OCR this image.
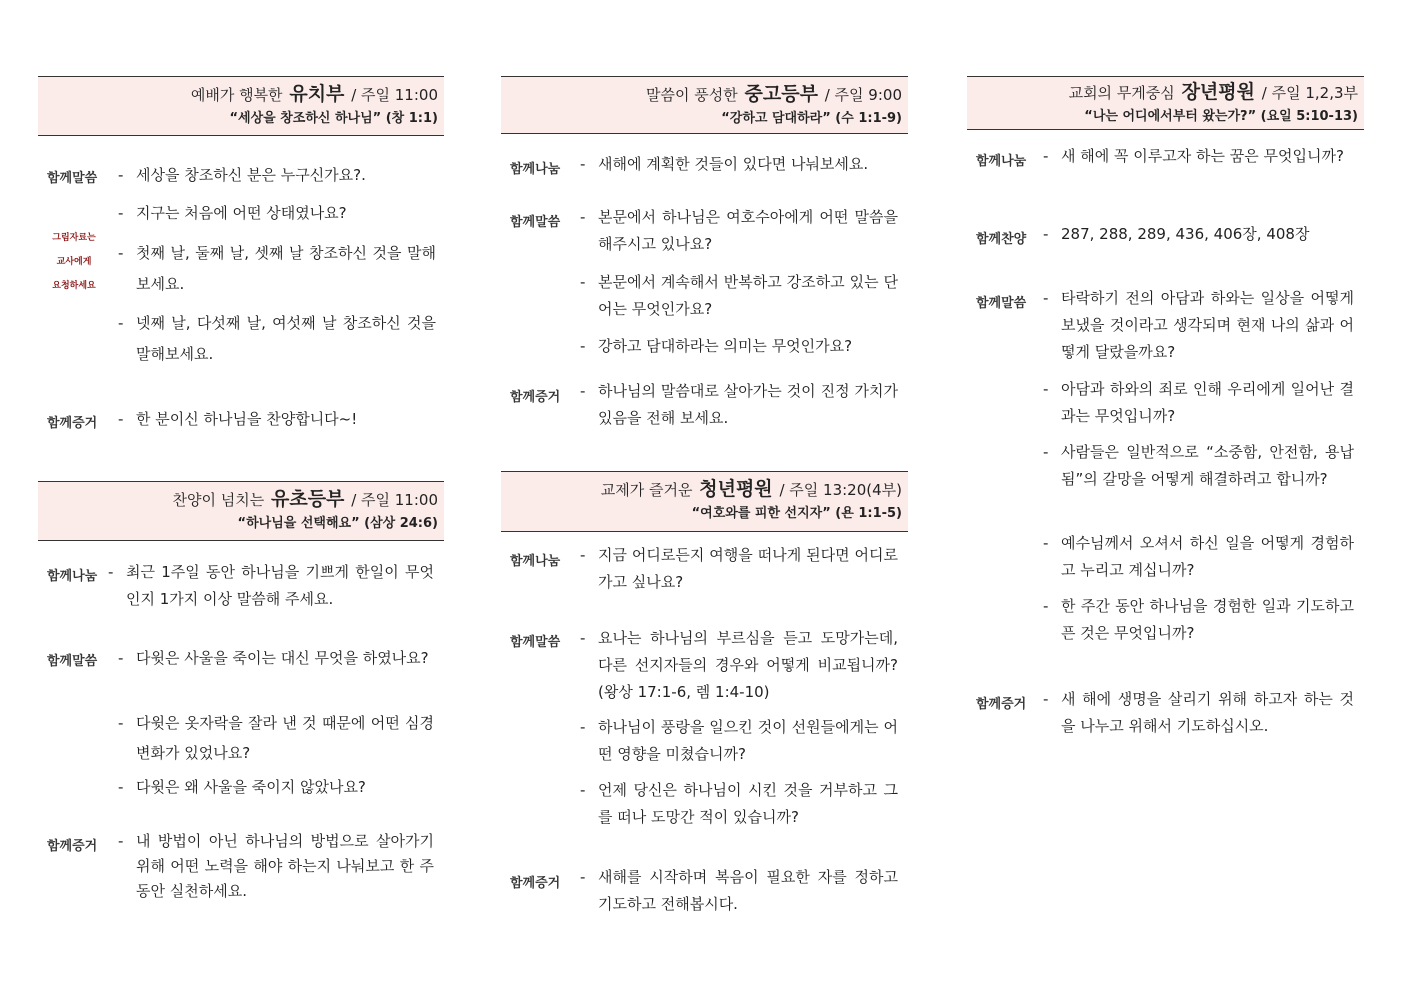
예배가 행복한 유치부 / 주일 11:00
“세상을 창조하신 하나님” (창 1:1)
함께말씀
그림자료는
교사에게
요청하세요
- 세상을 창조하신 분은 누구신가요?.
- 지구는 처음에 어떤 상태였나요?
- 첫째 날, 둘째 날, 셋째 날 창조하신 것을 말해보세요.
- 넷째 날, 다섯째 날, 여섯째 날 창조하신 것을 말해보세요.
함께증거 - 한 분이신 하나님을 찬양합니다~!
찬양이 넘치는 유초등부 / 주일 11:00
“하나님을 선택해요” (삼상 24:6)
함께나눔 - 최근 1주일 동안 하나님을 기쁘게 한일이 무엇인지 1가지 이상 말씀해 주세요.
함께말씀 - 다윗은 사울을 죽이는 대신 무엇을 하였나요?
- 다윗은 옷자락을 잘라 낸 것 때문에 어떤 심경 변화가 있었나요?
- 다윗은 왜 사울을 죽이지 않았나요?
함께증거 - 내 방법이 아닌 하나님의 방법으로 살아가기 위해 어떤 노력을 해야 하는지 나눠보고 한 주 동안 실천하세요.
말씀이 풍성한 중고등부 / 주일 9:00
“강하고 담대하라” (수 1:1-9)
함께나눔 - 새해에 계획한 것들이 있다면 나눠보세요.
함께말씀 - 본문에서 하나님은 여호수아에게 어떤 말씀을 해주시고 있나요?
- 본문에서 계속해서 반복하고 강조하고 있는 단어는 무엇인가요?
- 강하고 담대하라는 의미는 무엇인가요?
함께증거 - 하나님의 말씀대로 살아가는 것이 진정 가치가 있음을 전해 보세요.
교제가 즐거운 청년평원 / 주일 13:20(4부)
“여호와를 피한 선지자” (욘 1:1-5)
함께나눔 - 지금 어디로든지 여행을 떠나게 된다면 어디로 가고 싶나요?
함께말씀 - 요나는 하나님의 부르심을 듣고 도망가는데, 다른 선지자들의 경우와 어떻게 비교됩니까? (왕상 17:1-6, 렘 1:4-10)
- 하나님이 풍랑을 일으킨 것이 선원들에게는 어떤 영향을 미쳤습니까?
- 언제 당신은 하나님이 시킨 것을 거부하고 그를 떠나 도망간 적이 있습니까?
함께증거 - 새해를 시작하며 복음이 필요한 자를 정하고 기도하고 전해봅시다.
교회의 무게중심 장년평원 / 주일 1,2,3부
“나는 어디에서부터 왔는가?” (요일 5:10-13)
함께나눔 - 새 해에 꼭 이루고자 하는 꿈은 무엇입니까?
함께찬양 - 287, 288, 289, 436, 406장, 408장
함께말씀 - 타락하기 전의 아담과 하와는 일상을 어떻게 보냈을 것이라고 생각되며 현재 나의 삶과 어떻게 달랐을까요?
- 아담과 하와의 죄로 인해 우리에게 일어난 결과는 무엇입니까?
- 사람들은 일반적으로 “소중함, 안전함, 용납됨”의 갈망을 어떻게 해결하려고 합니까?
- 예수님께서 오셔서 하신 일을 어떻게 경험하고 누리고 계십니까?
- 한 주간 동안 하나님을 경험한 일과 기도하고픈 것은 무엇입니까?
함께증거 - 새 해에 생명을 살리기 위해 하고자 하는 것을 나누고 위해서 기도하십시오.
